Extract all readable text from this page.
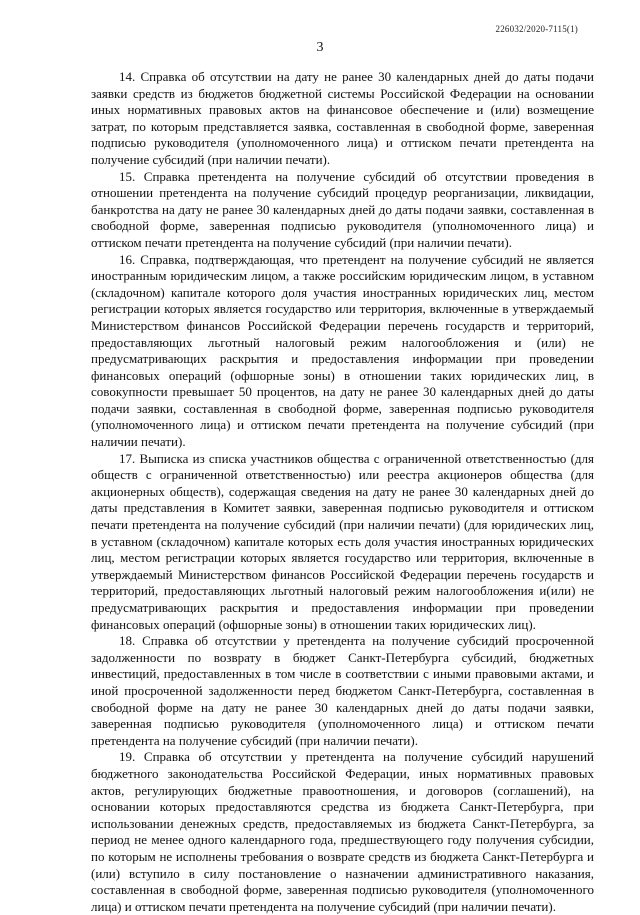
226032/2020-7115(1)
3

14. Справка об отсутствии на дату не ранее 30 календарных дней до даты подачи заявки средств из бюджетов бюджетной системы Российской Федерации на основании иных нормативных правовых актов на финансовое обеспечение и (или) возмещение затрат, по которым представляется заявка, составленная в свободной форме, заверенная подписью руководителя (уполномоченного лица) и оттиском печати претендента на получение субсидий (при наличии печати).

15. Справка претендента на получение субсидий об отсутствии проведения в отношении претендента на получение субсидий процедур реорганизации, ликвидации, банкротства на дату не ранее 30 календарных дней до даты подачи заявки, составленная в свободной форме, заверенная подписью руководителя (уполномоченного лица) и оттиском печати претендента на получение субсидий (при наличии печати).

16. Справка, подтверждающая, что претендент на получение субсидий не является иностранным юридическим лицом, а также российским юридическим лицом, в уставном (складочном) капитале которого доля участия иностранных юридических лиц, местом регистрации которых является государство или территория, включенные в утверждаемый Министерством финансов Российской Федерации перечень государств и территорий, предоставляющих льготный налоговый режим налогообложения и (или) не предусматривающих раскрытия и предоставления информации при проведении финансовых операций (офшорные зоны) в отношении таких юридических лиц, в совокупности превышает 50 процентов, на дату не ранее 30 календарных дней до даты подачи заявки, составленная в свободной форме, заверенная подписью руководителя (уполномоченного лица) и оттиском печати претендента на получение субсидий (при наличии печати).

17. Выписка из списка участников общества с ограниченной ответственностью (для обществ с ограниченной ответственностью) или реестра акционеров общества (для акционерных обществ), содержащая сведения на дату не ранее 30 календарных дней до даты представления в Комитет заявки, заверенная подписью руководителя и оттиском печати претендента на получение субсидий (при наличии печати) (для юридических лиц, в уставном (складочном) капитале которых есть доля участия иностранных юридических лиц, местом регистрации которых является государство или территория, включенные в утверждаемый Министерством финансов Российской Федерации перечень государств и территорий, предоставляющих льготный налоговый режим налогообложения и(или) не предусматривающих раскрытия и предоставления информации при проведении финансовых операций (офшорные зоны) в отношении таких юридических лиц).

18. Справка об отсутствии у претендента на получение субсидий просроченной задолженности по возврату в бюджет Санкт-Петербурга субсидий, бюджетных инвестиций, предоставленных в том числе в соответствии с иными правовыми актами, и иной просроченной задолженности перед бюджетом Санкт-Петербурга, составленная в свободной форме на дату не ранее 30 календарных дней до даты подачи заявки, заверенная подписью руководителя (уполномоченного лица) и оттиском печати претендента на получение субсидий (при наличии печати).

19. Справка об отсутствии у претендента на получение субсидий нарушений бюджетного законодательства Российской Федерации, иных нормативных правовых актов, регулирующих бюджетные правоотношения, и договоров (соглашений), на основании которых предоставляются средства из бюджета Санкт-Петербурга, при использовании денежных средств, предоставляемых из бюджета Санкт-Петербурга, за период не менее одного календарного года, предшествующего году получения субсидии, по которым не исполнены требования о возврате средств из бюджета Санкт-Петербурга и (или) вступило в силу постановление о назначении административного наказания, составленная в свободной форме, заверенная подписью руководителя (уполномоченного лица) и оттиском печати претендента на получение субсидий (при наличии печати).
